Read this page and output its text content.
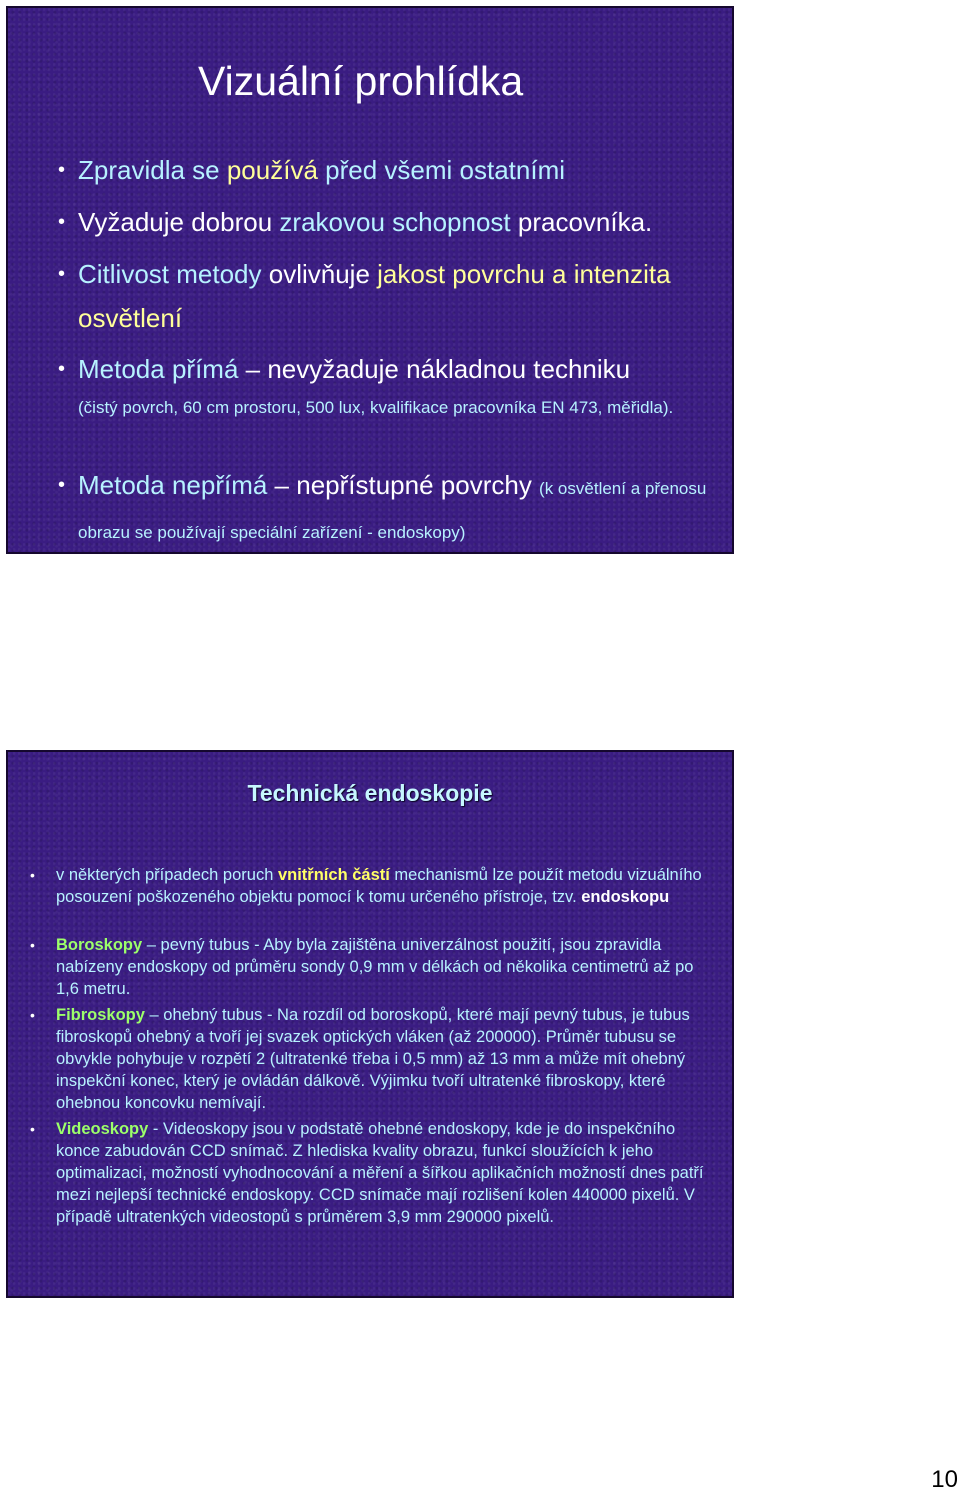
Vizuální prohlídka
• Zpravidla se používá před všemi ostatními
• Vyžaduje dobrou zrakovou schopnost pracovníka.
• Citlivost metody ovlivňuje jakost povrchu a intenzita osvětlení
• Metoda přímá – nevyžaduje nákladnou techniku
(čistý povrch, 60 cm prostoru, 500 lux, kvalifikace pracovníka EN 473, měřidla).
• Metoda nepřímá – nepřístupné povrchy (k osvětlení a přenosu obrazu se používají speciální zařízení - endoskopy)
Technická endoskopie
• v některých případech poruch vnitřních částí mechanismů lze použít metodu vizuálního posouzení poškozeného objektu pomocí k tomu určeného přístroje, tzv. endoskopu
• Boroskopy – pevný tubus - Aby byla zajištěna univerzálnost použití, jsou zpravidla nabízeny endoskopy od průměru sondy 0,9 mm v délkách od několika centimetrů až po 1,6 metru.
• Fibroskopy – ohebný tubus - Na rozdíl od boroskopů, které mají pevný tubus, je tubus fibroskopů ohebný a tvoří jej svazek optických vláken (až 200000). Průměr tubusu se obvykle pohybuje v rozpětí 2 (ultratenké třeba i 0,5 mm) až 13 mm a může mít ohebný inspekční konec, který je ovládán dálkově. Výjimku tvoří ultratenké fibroskopy, které ohebnou koncovku nemívají.
• Videoskopy - Videoskopy jsou v podstatě ohebné endoskopy, kde je do inspekčního konce zabudován CCD snímač. Z hlediska kvality obrazu, funkcí sloužících k jeho optimalizaci, možností vyhodnocování a měření a šířkou aplikačních možností dnes patří mezi nejlepší technické endoskopy. CCD snímače mají rozlišení kolen 440000 pixelů. V případě ultratenkých videostopů s průměrem 3,9 mm 290000 pixelů.
10
